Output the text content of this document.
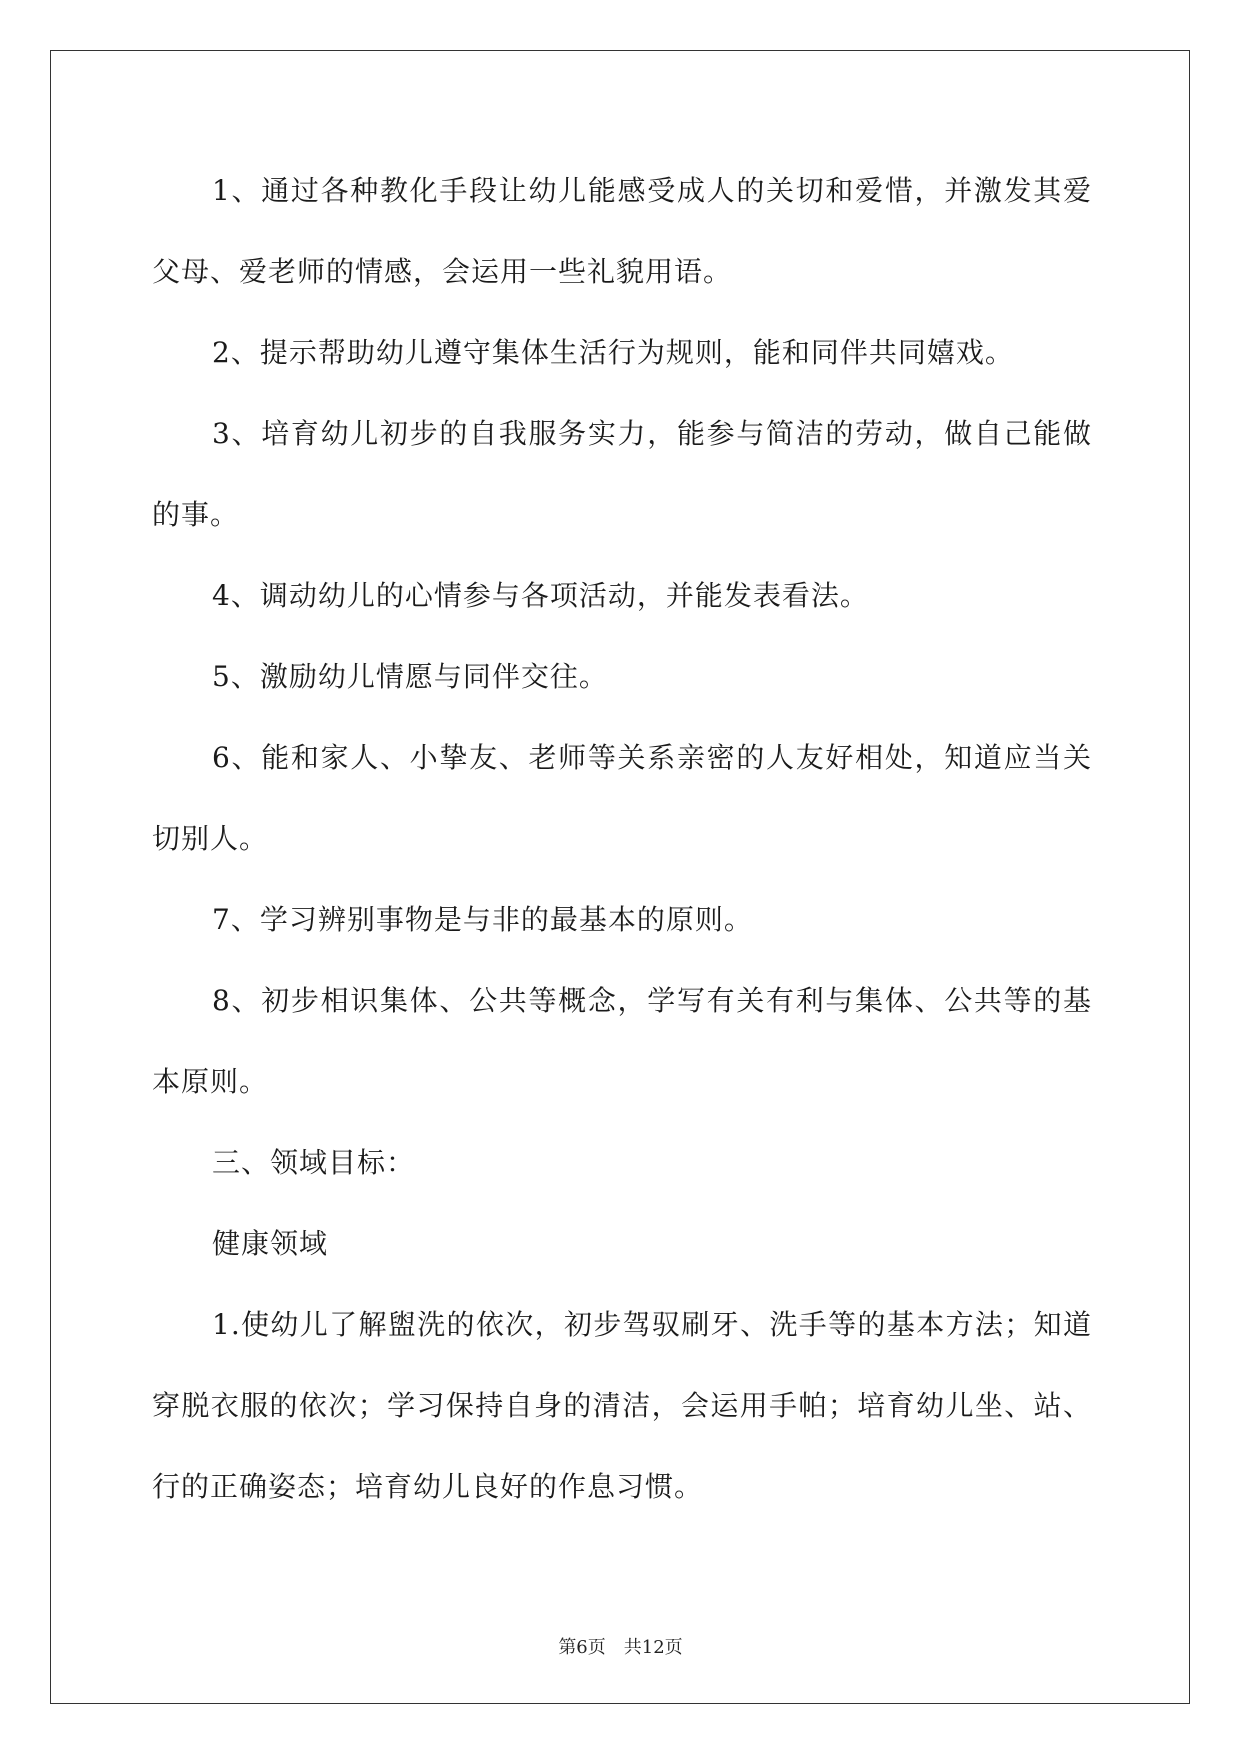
1、通过各种教化手段让幼儿能感受成人的关切和爱惜，并激发其爱父母、爱老师的情感，会运用一些礼貌用语。

2、提示帮助幼儿遵守集体生活行为规则，能和同伴共同嬉戏。

3、培育幼儿初步的自我服务实力，能参与简洁的劳动，做自己能做的事。

4、调动幼儿的心情参与各项活动，并能发表看法。

5、激励幼儿情愿与同伴交往。

6、能和家人、小挚友、老师等关系亲密的人友好相处，知道应当关切别人。

7、学习辨别事物是与非的最基本的原则。

8、初步相识集体、公共等概念，学写有关有利与集体、公共等的基本原则。

三、领域目标：

健康领域

1.使幼儿了解盥洗的依次，初步驾驭刷牙、洗手等的基本方法；知道穿脱衣服的依次；学习保持自身的清洁，会运用手帕；培育幼儿坐、站、行的正确姿态；培育幼儿良好的作息习惯。

第6页 共12页
